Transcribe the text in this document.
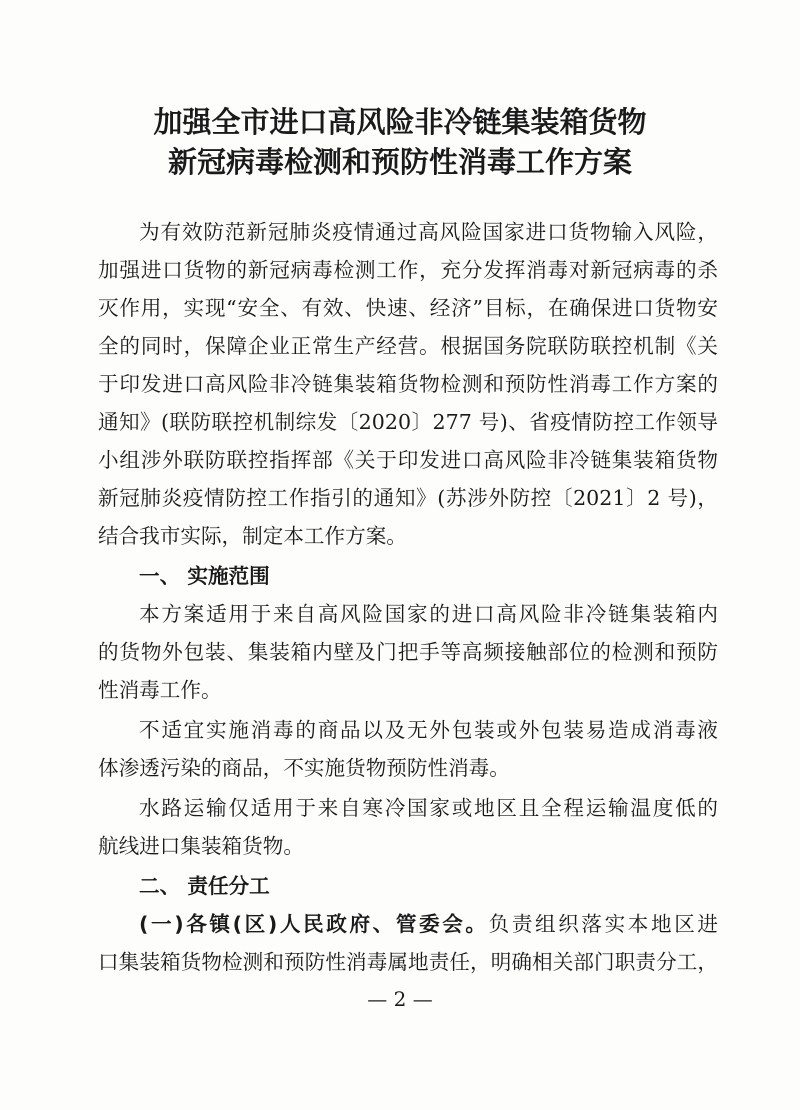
加强全市进口高风险非冷链集装箱货物
新冠病毒检测和预防性消毒工作方案
为有效防范新冠肺炎疫情通过高风险国家进口货物输入风险，
加强进口货物的新冠病毒检测工作，充分发挥消毒对新冠病毒的杀
灭作用，实现“安全、有效、快速、经济”目标，在确保进口货物安
全的同时，保障企业正常生产经营。根据国务院联防联控机制《关
于印发进口高风险非冷链集装箱货物检测和预防性消毒工作方案的
通知》(联防联控机制综发〔2020〕277 号)、省疫情防控工作领导
小组涉外联防联控指挥部《关于印发进口高风险非冷链集装箱货物
新冠肺炎疫情防控工作指引的通知》(苏涉外防控〔2021〕2 号)，
结合我市实际，制定本工作方案。
一、 实施范围
本方案适用于来自高风险国家的进口高风险非冷链集装箱内
的货物外包装、集装箱内壁及门把手等高频接触部位的检测和预防
性消毒工作。
不适宜实施消毒的商品以及无外包装或外包装易造成消毒液
体渗透污染的商品，不实施货物预防性消毒。
水路运输仅适用于来自寒冷国家或地区且全程运输温度低的
航线进口集装箱货物。
二、 责任分工
(一)各镇(区)人民政府、管委会。负责组织落实本地区进
口集装箱货物检测和预防性消毒属地责任，明确相关部门职责分工，
— 2 —
